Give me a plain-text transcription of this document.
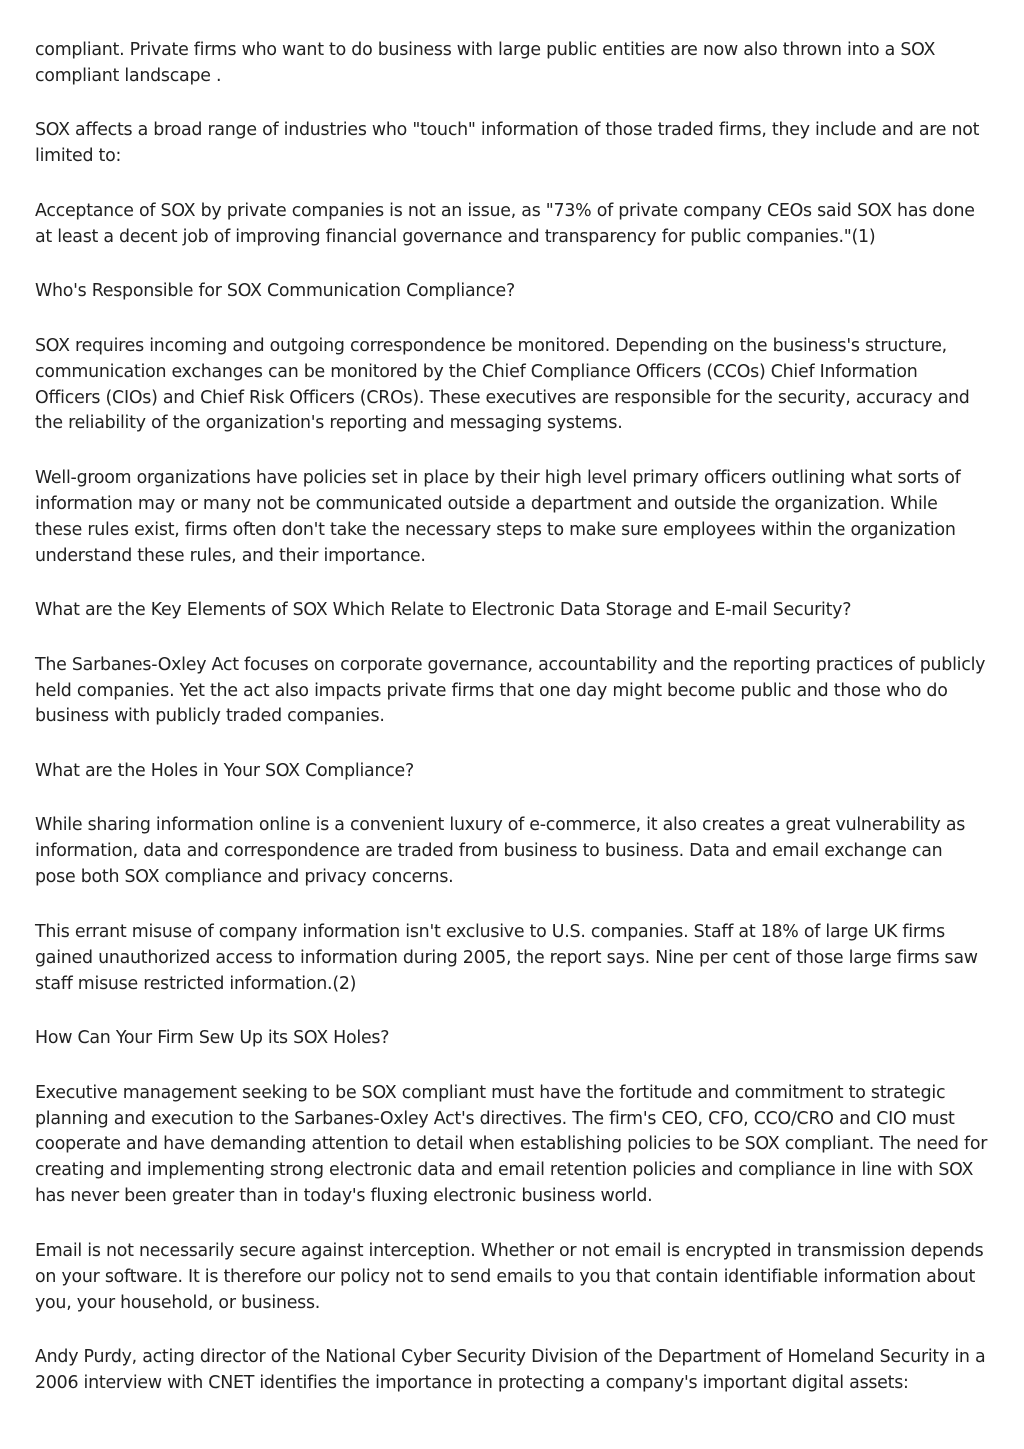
compliant. Private firms who want to do business with large public entities are now also thrown into a SOX compliant landscape .

SOX affects a broad range of industries who "touch" information of those traded firms, they include and are not limited to:

Acceptance of SOX by private companies is not an issue, as "73% of private company CEOs said SOX has done at least a decent job of improving financial governance and transparency for public companies."(1)

Who's Responsible for SOX Communication Compliance?

SOX requires incoming and outgoing correspondence be monitored. Depending on the business's structure, communication exchanges can be monitored by the Chief Compliance Officers (CCOs) Chief Information Officers (CIOs) and Chief Risk Officers (CROs). These executives are responsible for the security, accuracy and the reliability of the organization's reporting and messaging systems.

Well-groom organizations have policies set in place by their high level primary officers outlining what sorts of information may or many not be communicated outside a department and outside the organization. While these rules exist, firms often don't take the necessary steps to make sure employees within the organization understand these rules, and their importance.

What are the Key Elements of SOX Which Relate to Electronic Data Storage and E-mail Security?

The Sarbanes-Oxley Act focuses on corporate governance, accountability and the reporting practices of publicly held companies. Yet the act also impacts private firms that one day might become public and those who do business with publicly traded companies.

What are the Holes in Your SOX Compliance?

While sharing information online is a convenient luxury of e-commerce, it also creates a great vulnerability as information, data and correspondence are traded from business to business. Data and email exchange can pose both SOX compliance and privacy concerns.

This errant misuse of company information isn't exclusive to U.S. companies. Staff at 18% of large UK firms gained unauthorized access to information during 2005, the report says. Nine per cent of those large firms saw staff misuse restricted information.(2)

How Can Your Firm Sew Up its SOX Holes?

Executive management seeking to be SOX compliant must have the fortitude and commitment to strategic planning and execution to the Sarbanes-Oxley Act's directives. The firm's CEO, CFO, CCO/CRO and CIO must cooperate and have demanding attention to detail when establishing policies to be SOX compliant. The need for creating and implementing strong electronic data and email retention policies and compliance in line with SOX has never been greater than in today's fluxing electronic business world.

Email is not necessarily secure against interception. Whether or not email is encrypted in transmission depends on your software. It is therefore our policy not to send emails to you that contain identifiable information about you, your household, or business.

Andy Purdy, acting director of the National Cyber Security Division of the Department of Homeland Security in a 2006 interview with CNET identifies the importance in protecting a company's important digital assets:
